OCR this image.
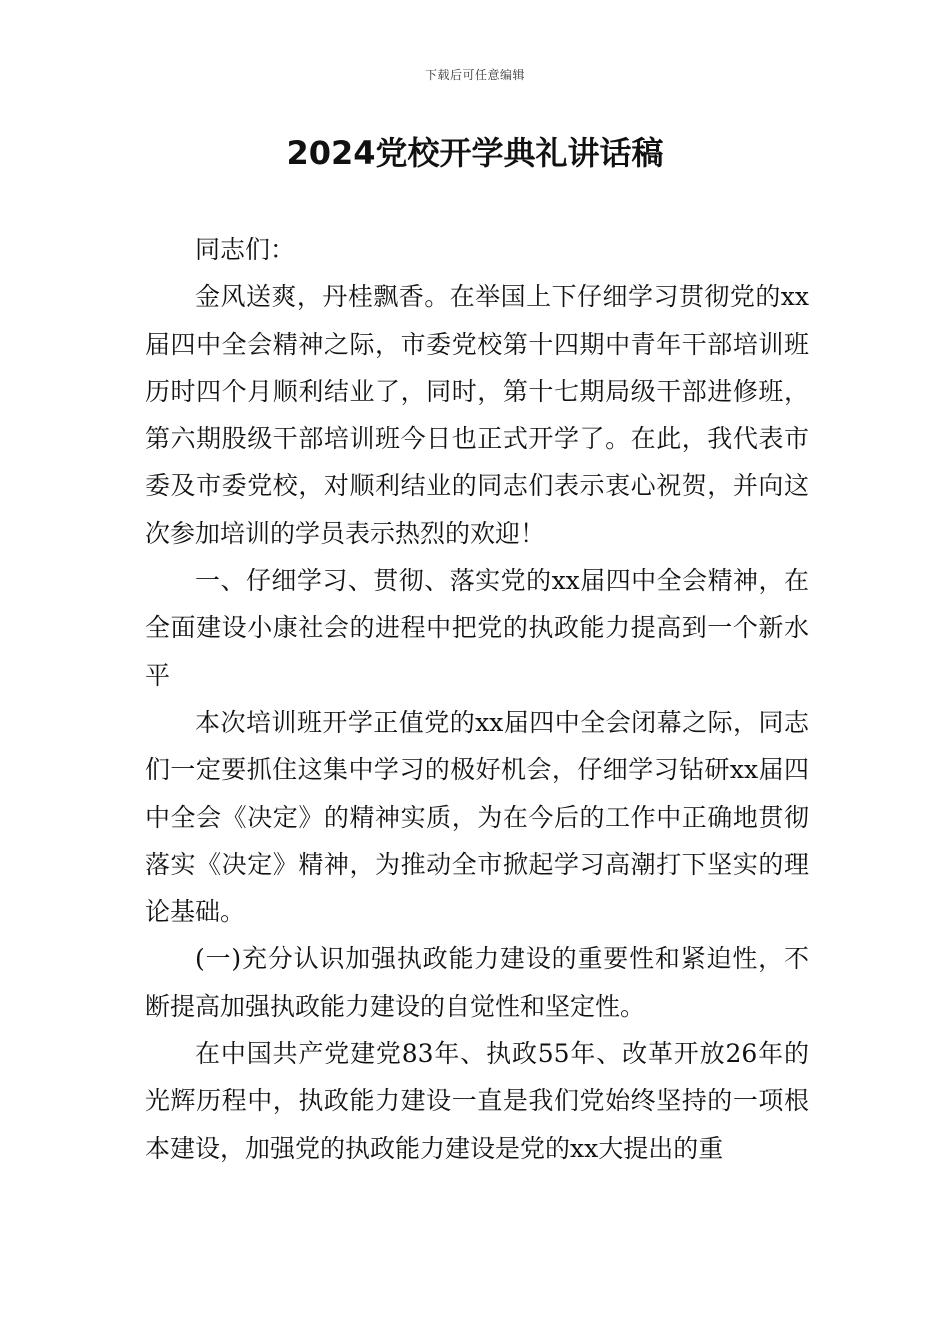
下载后可任意编辑
2024党校开学典礼讲话稿

同志们：

金风送爽，丹桂飘香。在举国上下仔细学习贯彻党的xx届四中全会精神之际，市委党校第十四期中青年干部培训班历时四个月顺利结业了，同时，第十七期局级干部进修班，第六期股级干部培训班今日也正式开学了。在此，我代表市委及市委党校，对顺利结业的同志们表示衷心祝贺，并向这次参加培训的学员表示热烈的欢迎！

一、仔细学习、贯彻、落实党的xx届四中全会精神，在全面建设小康社会的进程中把党的执政能力提高到一个新水平

本次培训班开学正值党的xx届四中全会闭幕之际，同志们一定要抓住这集中学习的极好机会，仔细学习钻研xx届四中全会《决定》的精神实质，为在今后的工作中正确地贯彻落实《决定》精神，为推动全市掀起学习高潮打下坚实的理论基础。

(一)充分认识加强执政能力建设的重要性和紧迫性，不断提高加强执政能力建设的自觉性和坚定性。

在中国共产党建党83年、执政55年、改革开放26年的光辉历程中，执政能力建设一直是我们党始终坚持的一项根本建设，加强党的执政能力建设是党的xx大提出的重
